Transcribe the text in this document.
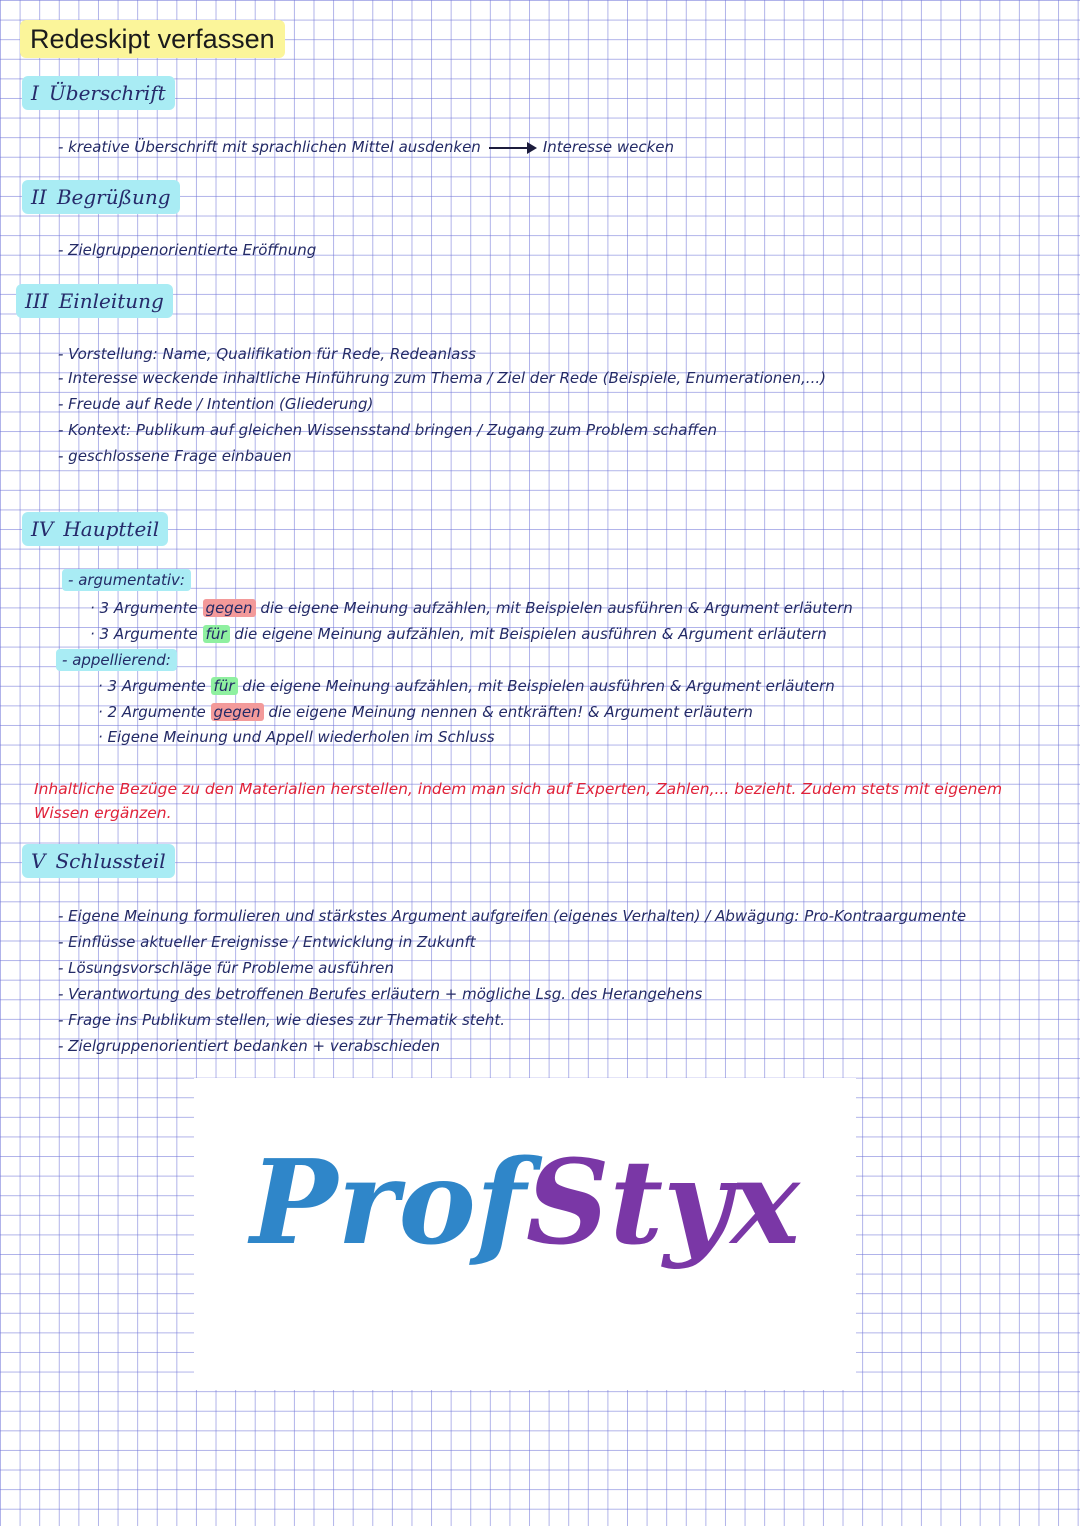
Redeskipt verfassen
I Überschrift
- kreative Überschrift mit sprachlichen Mittel ausdenken	Interesse wecken
II Begrüßung
- Zielgruppenorientierte Eröffnung
III Einleitung
- Vorstellung: Name, Qualifikation für Rede, Redeanlass
- Interesse weckende inhaltliche Hinführung zum Thema / Ziel der Rede (Beispiele, Enumerationen,...)
- Freude auf Rede / Intention (Gliederung)
- Kontext: Publikum auf gleichen Wissensstand bringen / Zugang zum Problem schaffen
- geschlossene Frage einbauen
IV Hauptteil
- argumentativ:
· 3 Argumente gegen die eigene Meinung aufzählen, mit Beispielen ausführen & Argument erläutern
· 3 Argumente für die eigene Meinung aufzählen, mit Beispielen ausführen & Argument erläutern
- appellierend:
· 3 Argumente für die eigene Meinung aufzählen, mit Beispielen ausführen & Argument erläutern
· 2 Argumente gegen die eigene Meinung nennen & entkräften! & Argument erläutern
· Eigene Meinung und Appell wiederholen im Schluss
Inhaltliche Bezüge zu den Materialien herstellen, indem man sich auf Experten, Zahlen,... bezieht. Zudem stets mit eigenem Wissen ergänzen.
V Schlussteil
- Eigene Meinung formulieren und stärkstes Argument aufgreifen (eigenes Verhalten) / Abwägung: Pro-Kontraargumente
- Einflüsse aktueller Ereignisse / Entwicklung in Zukunft
- Lösungsvorschläge für Probleme ausführen
- Verantwortung des betroffenen Berufes erläutern + mögliche Lsg. des Herangehens
- Frage ins Publikum stellen, wie dieses zur Thematik steht.
- Zielgruppenorientiert bedanken + verabschieden
ProfStyx
